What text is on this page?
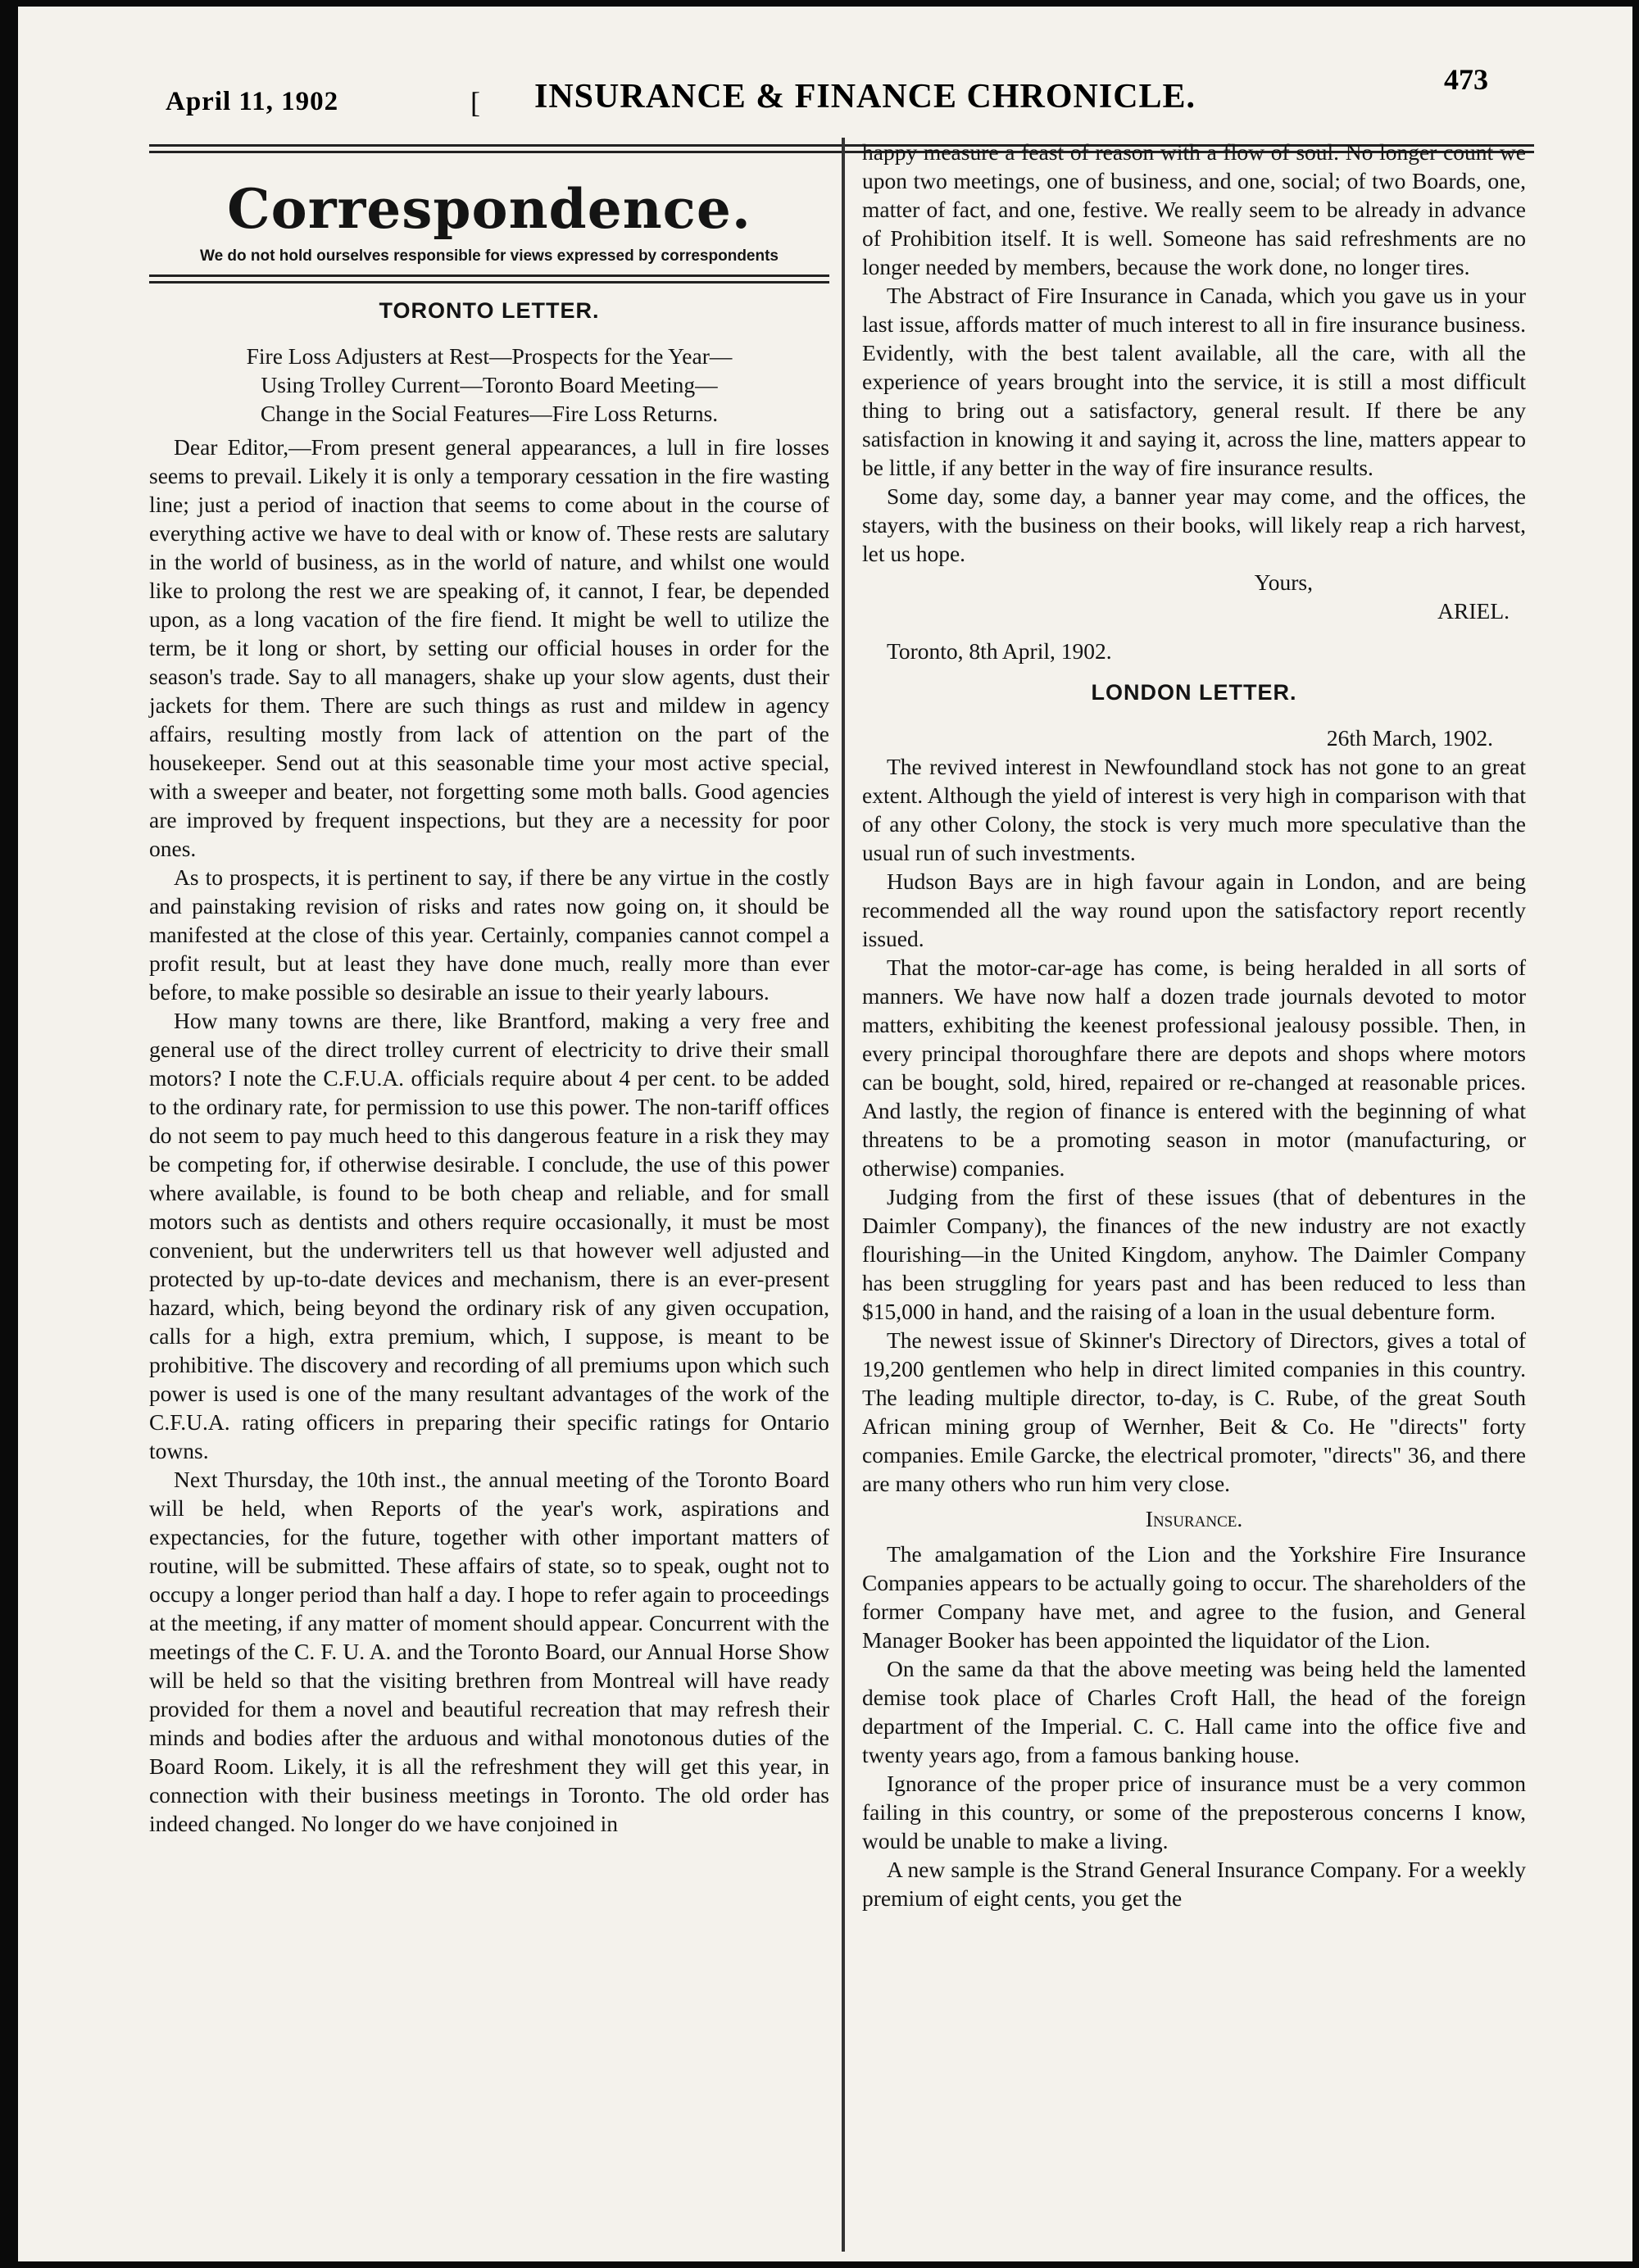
April 11, 1902	[ INSURANCE & FINANCE CHRONICLE.	473
Correspondence.
We do not hold ourselves responsible for views expressed by correspondents
TORONTO LETTER.

Fire Loss Adjusters at Rest—Prospects for the Year—

Using Trolley Current—Toronto Board Meeting—

Change in the Social Features—Fire Loss Returns.

Dear Editor,—From present general appearances, a lull in fire losses seems to prevail. Likely it is only a temporary cessation in the fire wasting line; just a period of inaction that seems to come about in the course of everything active we have to deal with or know of. These rests are salutary in the world of business, as in the world of nature, and whilst one would like to prolong the rest we are speaking of, it cannot, I fear, be depended upon, as a long vacation of the fire fiend. It might be well to utilize the term, be it long or short, by setting our official houses in order for the season's trade. Say to all managers, shake up your slow agents, dust their jackets for them. There are such things as rust and mildew in agency affairs, resulting mostly from lack of attention on the part of the housekeeper. Send out at this seasonable time your most active special, with a sweeper and beater, not forgetting some moth balls. Good agencies are improved by frequent inspections, but they are a necessity for poor ones.

As to prospects, it is pertinent to say, if there be any virtue in the costly and painstaking revision of risks and rates now going on, it should be manifested at the close of this year. Certainly, companies cannot compel a profit result, but at least they have done much, really more than ever before, to make possible so desirable an issue to their yearly labours.

How many towns are there, like Brantford, making a very free and general use of the direct trolley current of electricity to drive their small motors? I note the C.F.U.A. officials require about 4 per cent. to be added to the ordinary rate, for permission to use this power. The non-tariff offices do not seem to pay much heed to this dangerous feature in a risk they may be competing for, if otherwise desirable. I conclude, the use of this power where available, is found to be both cheap and reliable, and for small motors such as dentists and others require occasionally, it must be most convenient, but the underwriters tell us that however well adjusted and protected by up-to-date devices and mechanism, there is an ever-present hazard, which, being beyond the ordinary risk of any given occupation, calls for a high, extra premium, which, I suppose, is meant to be prohibitive. The discovery and recording of all premiums upon which such power is used is one of the many resultant advantages of the work of the C.F.U.A. rating officers in preparing their specific ratings for Ontario towns.

Next Thursday, the 10th inst., the annual meeting of the Toronto Board will be held, when Reports of the year's work, aspirations and expectancies, for the future, together with other important matters of routine, will be submitted. These affairs of state, so to speak, ought not to occupy a longer period than half a day. I hope to refer again to proceedings at the meeting, if any matter of moment should appear. Concurrent with the meetings of the C. F. U. A. and the Toronto Board, our Annual Horse Show will be held so that the visiting brethren from Montreal will have ready provided for them a novel and beautiful recreation that may refresh their minds and bodies after the arduous and withal monotonous duties of the Board Room. Likely, it is all the refreshment they will get this year, in connection with their business meetings in Toronto. The old order has indeed changed. No longer do we have conjoined in

happy measure a feast of reason with a flow of soul. No longer count we upon two meetings, one of business, and one, social; of two Boards, one, matter of fact, and one, festive. We really seem to be already in advance of Prohibition itself. It is well. Someone has said refreshments are no longer needed by members, because the work done, no longer tires.

The Abstract of Fire Insurance in Canada, which you gave us in your last issue, affords matter of much interest to all in fire insurance business. Evidently, with the best talent available, all the care, with all the experience of years brought into the service, it is still a most difficult thing to bring out a satisfactory, general result. If there be any satisfaction in knowing it and saying it, across the line, matters appear to be little, if any better in the way of fire insurance results.

Some day, some day, a banner year may come, and the offices, the stayers, with the business on their books, will likely reap a rich harvest, let us hope.

Yours,

ARIEL.

Toronto, 8th April, 1902.

LONDON LETTER.

26th March, 1902.

The revived interest in Newfoundland stock has not gone to an great extent. Although the yield of interest is very high in comparison with that of any other Colony, the stock is very much more speculative than the usual run of such investments.

Hudson Bays are in high favour again in London, and are being recommended all the way round upon the satisfactory report recently issued.

That the motor-car-age has come, is being heralded in all sorts of manners. We have now half a dozen trade journals devoted to motor matters, exhibiting the keenest professional jealousy possible. Then, in every principal thoroughfare there are depots and shops where motors can be bought, sold, hired, repaired or re-changed at reasonable prices. And lastly, the region of finance is entered with the beginning of what threatens to be a promoting season in motor (manufacturing, or otherwise) companies.

Judging from the first of these issues (that of debentures in the Daimler Company), the finances of the new industry are not exactly flourishing—in the United Kingdom, anyhow. The Daimler Company has been struggling for years past and has been reduced to less than $15,000 in hand, and the raising of a loan in the usual debenture form.

The newest issue of Skinner's Directory of Directors, gives a total of 19,200 gentlemen who help in direct limited companies in this country. The leading multiple director, to-day, is C. Rube, of the great South African mining group of Wernher, Beit & Co. He "directs" forty companies. Emile Garcke, the electrical promoter, "directs" 36, and there are many others who run him very close.

Insurance.

The amalgamation of the Lion and the Yorkshire Fire Insurance Companies appears to be actually going to occur. The shareholders of the former Company have met, and agree to the fusion, and General Manager Booker has been appointed the liquidator of the Lion.

On the same da that the above meeting was being held the lamented demise took place of Charles Croft Hall, the head of the foreign department of the Imperial. C. C. Hall came into the office five and twenty years ago, from a famous banking house.

Ignorance of the proper price of insurance must be a very common failing in this country, or some of the preposterous concerns I know, would be unable to make a living.

A new sample is the Strand General Insurance Company. For a weekly premium of eight cents, you get the
